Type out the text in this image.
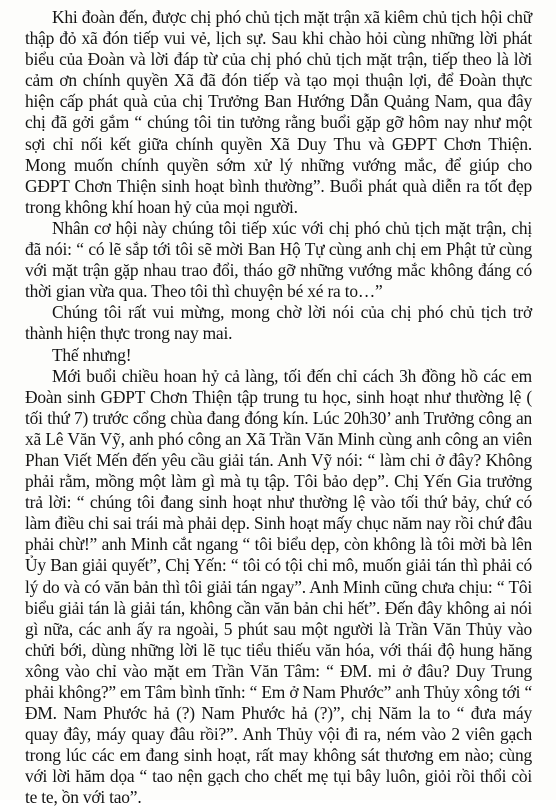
Khi đoàn đến, được chị phó chủ tịch mặt trận xã kiêm chủ tịch hội chữ thập đỏ xã đón tiếp vui vẻ, lịch sự. Sau khi chào hỏi cùng những lời phát biểu của Đoàn và lời đáp từ của chị phó chủ tịch mặt trận, tiếp theo là lời cảm ơn chính quyền Xã đã đón tiếp và tạo mọi thuận lợi, để Đoàn thực hiện cấp phát quà của chị Trưởng Ban Hướng Dẫn Quảng Nam, qua đây chị đã gởi gắm “ chúng tôi tin tưởng rằng buổi gặp gỡ hôm nay như một sợi chỉ nối kết giữa chính quyền Xã Duy Thu và GĐPT Chơn Thiện. Mong muốn chính quyền sớm xử lý những vướng mắc, để giúp cho GĐPT Chơn Thiện sinh hoạt bình thường”. Buổi phát quà diễn ra tốt đẹp trong không khí hoan hỷ của mọi người.

Nhân cơ hội này chúng tôi tiếp xúc với chị phó chủ tịch mặt trận, chị đã nói: “ có lẽ sắp tới tôi sẽ mời Ban Hộ Tự cùng anh chị em Phật tử cùng với mặt trận gặp nhau trao đổi, tháo gỡ những vướng mắc không đáng có thời gian vừa qua. Theo tôi thì chuyện bé xé ra to…”

Chúng tôi rất vui mừng, mong chờ lời nói của chị phó chủ tịch trở thành hiện thực trong nay mai.

Thế nhưng!

Mới buổi chiều hoan hỷ cả làng, tối đến chỉ cách 3h đồng hồ các em Đoàn sinh GĐPT Chơn Thiện tập trung tu học, sinh hoạt như thường lệ ( tối thứ 7) trước cổng chùa đang đóng kín. Lúc 20h30’ anh Trưởng công an xã Lê Văn Vỹ, anh phó công an Xã Trần Văn Minh cùng anh công an viên Phan Viết Mến đến yêu cầu giải tán. Anh Vỹ nói: “ làm chi ở đây? Không phải rằm, mồng một làm gì mà tụ tập. Tôi bảo dẹp”. Chị Yến Gia trưởng trả lời: “ chúng tôi đang sinh hoạt như thường lệ vào tối thứ bảy, chứ có làm điều chi sai trái mà phải dẹp. Sinh hoạt mấy chục năm nay rồi chứ đâu phải chừ!” anh Minh cắt ngang “ tôi biểu dẹp, còn không là tôi mời bà lên Ủy Ban giải quyết”, Chị Yến: “ tôi có tội chi mô, muốn giải tán thì phải có lý do và có văn bản thì tôi giải tán ngay”. Anh Minh cũng chưa chịu: “ Tôi biểu giải tán là giải tán, không cần văn bản chi hết”. Đến đây không ai nói gì nữa, các anh ấy ra ngoài, 5 phút sau một người là Trần Văn Thủy vào chửi bới, dùng những lời lẽ tục tiểu thiếu văn hóa, với thái độ hung hăng xông vào chỉ vào mặt em Trần Văn Tâm: “ ĐM. mi ở đâu? Duy Trung phải không?” em Tâm bình tĩnh: “ Em ở Nam Phước” anh Thủy xông tới “ ĐM. Nam Phước hả (?) Nam Phước hả (?)”, chị Năm la to “ đưa máy quay đây, máy quay đâu rồi?”. Anh Thủy vội đi ra, ném vào 2 viên gạch trong lúc các em đang sinh hoạt, rất may không sát thương em nào; cùng với lời hăm dọa “ tao nện gạch cho chết mẹ tụi bây luôn, giỏi rồi thổi còi te te, ồn với tao”.
